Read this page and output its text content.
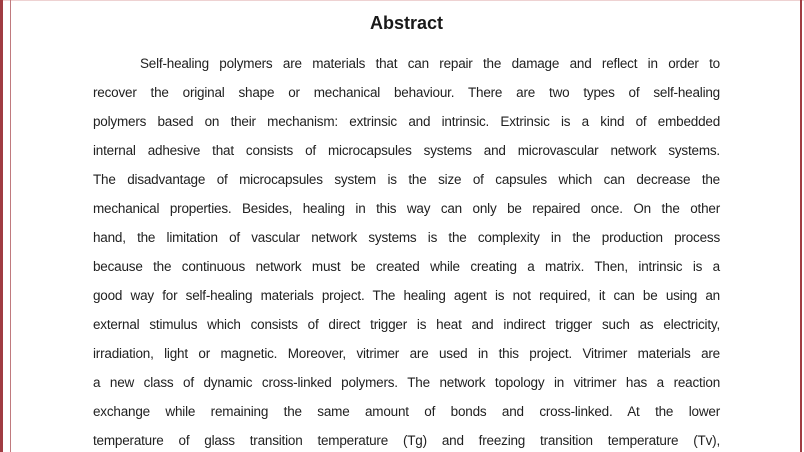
Abstract
Self-healing polymers are materials that can repair the damage and reflect in order to
recover the original shape or mechanical behaviour. There are two types of self-healing
polymers based on their mechanism: extrinsic and intrinsic. Extrinsic is a kind of embedded
internal adhesive that consists of microcapsules systems and microvascular network systems.
The disadvantage of microcapsules system is the size of capsules which can decrease the
mechanical properties. Besides, healing in this way can only be repaired once. On the other
hand, the limitation of vascular network systems is the complexity in the production process
because the continuous network must be created while creating a matrix. Then, intrinsic is a
good way for self-healing materials project. The healing agent is not required, it can be using an
external stimulus which consists of direct trigger is heat and indirect trigger such as electricity,
irradiation, light or magnetic. Moreover, vitrimer are used in this project. Vitrimer materials are
a new class of dynamic cross-linked polymers. The network topology in vitrimer has a reaction
exchange while remaining the same amount of bonds and cross-linked. At the lower
temperature of glass transition temperature (Tg) and freezing transition temperature (Tv),
